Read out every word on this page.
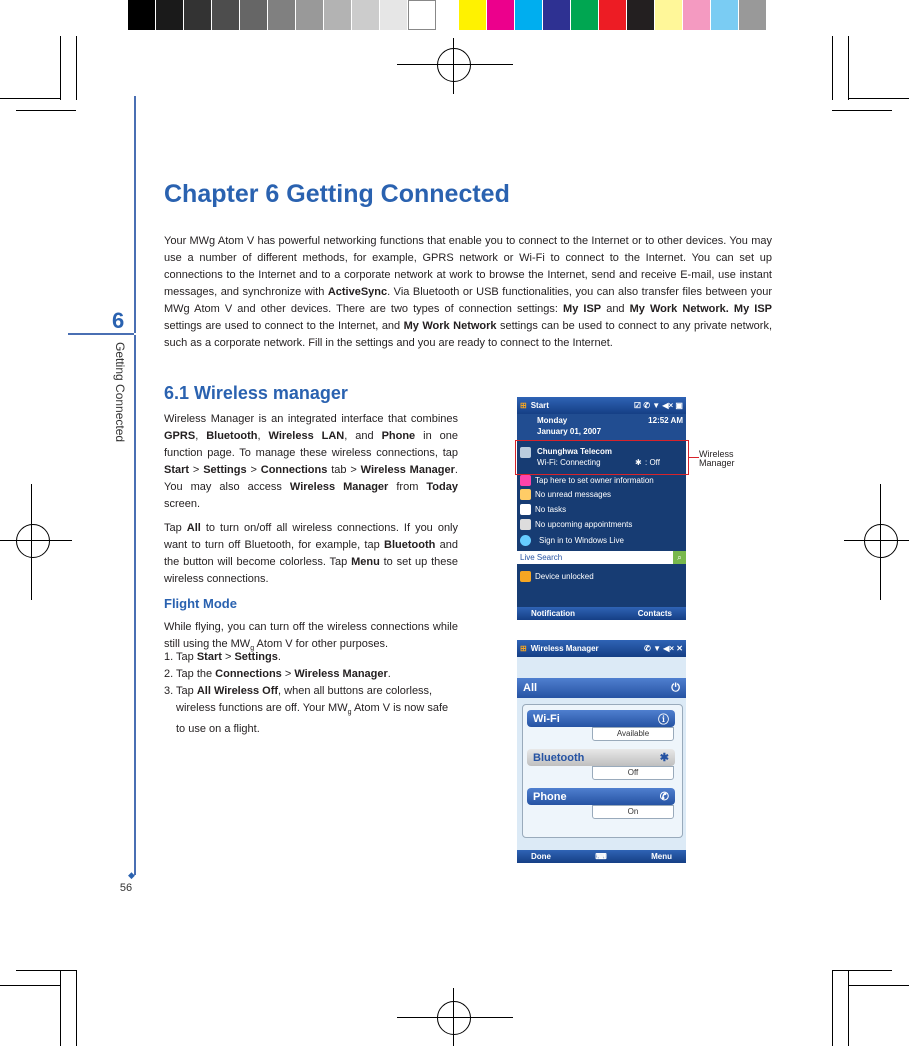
6
Getting Connected
◆
56
Chapter 6 Getting Connected
Your MWg Atom V has powerful networking functions that enable you to connect to the Internet or to other devices. You may use a number of different methods, for example, GPRS network or Wi-Fi to connect to the Internet. You can set up connections to the Internet and to a corporate network at work to browse the Internet, send and receive E-mail, use instant messages, and synchronize with ActiveSync. Via Bluetooth or USB functionalities, you can also transfer files between your MWg Atom V and other devices. There are two types of connection settings: My ISP and My Work Network. My ISP settings are used to connect to the Internet, and My Work Network settings can be used to connect to any private network, such as a corporate network. Fill in the settings and you are ready to connect to the Internet.
6.1 Wireless manager
Wireless Manager is an integrated interface that combines GPRS, Bluetooth, Wireless LAN, and Phone in one function page. To manage these wireless connections, tap Start > Settings > Connections tab > Wireless Manager. You may also access Wireless Manager from Today screen.
Tap All to turn on/off all wireless connections. If you only want to turn off Bluetooth, for example, tap Bluetooth and the button will become colorless. Tap Menu to set up these wireless connections.
Flight Mode
While flying, you can turn off the wireless connections while still using the $MW_g$ Atom V for other purposes.
1. Tap Start > Settings.
2. Tap the Connections > Wireless Manager.
3. Tap All Wireless Off, when all buttons are colorless, wireless functions are off. Your $MW_g$ Atom V is now safe to use on a flight.
⊞ Start	☑ ✆ ▼ ◀× ▣
Monday
January 01, 2007
12:52 AM
Chunghwa Telecom
Wi-Fi: Connecting	✱ : Off
Tap here to set owner information
No unread messages
No tasks
No upcoming appointments
Sign in to Windows Live
Live Search	⌕
Device unlocked
Notification	Contacts
Wireless
Manager
⊞ Wireless Manager	✆ ▼ ◀× ✕
All	⏻
Wi-Fi	ⓘ
Available
Bluetooth	✱
Off
Phone	✆
On
Done	⌨	Menu
